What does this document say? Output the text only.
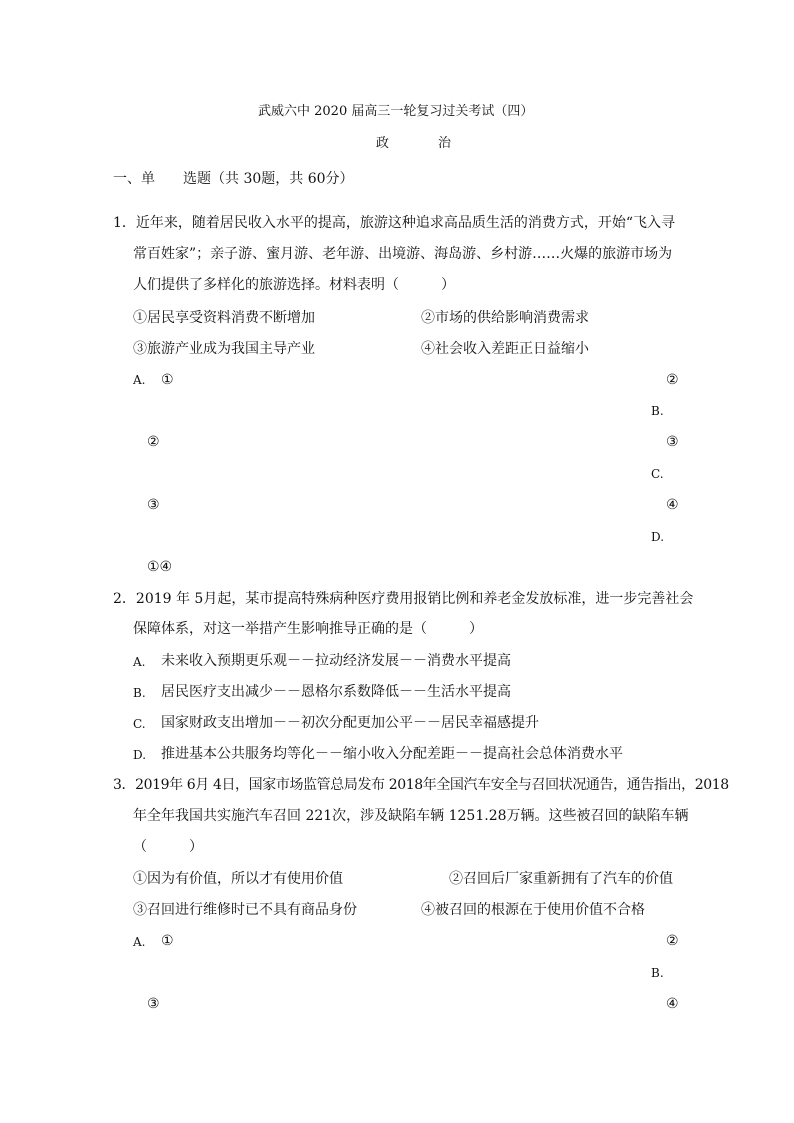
武威六中 2020 届高三一轮复习过关考试（四）
政　治
一、单　　选题（共 30题，共 60分）
1．近年来，随着居民收入水平的提高，旅游这种追求高品质生活的消费方式，开始“飞入寻
常百姓家”；亲子游、蜜月游、老年游、出境游、海岛游、乡村游……火爆的旅游市场为
人们提供了多样化的旅游选择。材料表明（　　　）
①居民享受资料消费不断增加	②市场的供给影响消费需求
③旅游产业成为我国主导产业	④社会收入差距正日益缩小
A. ①	②
B.
②	③
C.
③	④
D.
①④
2．2019 年 5月起，某市提高特殊病种医疗费用报销比例和养老金发放标准，进一步完善社会
保障体系，对这一举措产生影响推导正确的是（　　　）
A. 未来收入预期更乐观－－拉动经济发展－－消费水平提高
B. 居民医疗支出减少－－恩格尔系数降低－－生活水平提高
C. 国家财政支出增加－－初次分配更加公平－－居民幸福感提升
D. 推进基本公共服务均等化－－缩小收入分配差距－－提高社会总体消费水平
3．2019年 6月 4日，国家市场监管总局发布 2018年全国汽车安全与召回状况通告，通告指出，2018
年全年我国共实施汽车召回 221次，涉及缺陷车辆 1251.28万辆。这些被召回的缺陷车辆
（　　　）
①因为有价值，所以才有使用价值	②召回后厂家重新拥有了汽车的价值
③召回进行维修时已不具有商品身份	④被召回的根源在于使用价值不合格
A. ①	②
B.
③	④
